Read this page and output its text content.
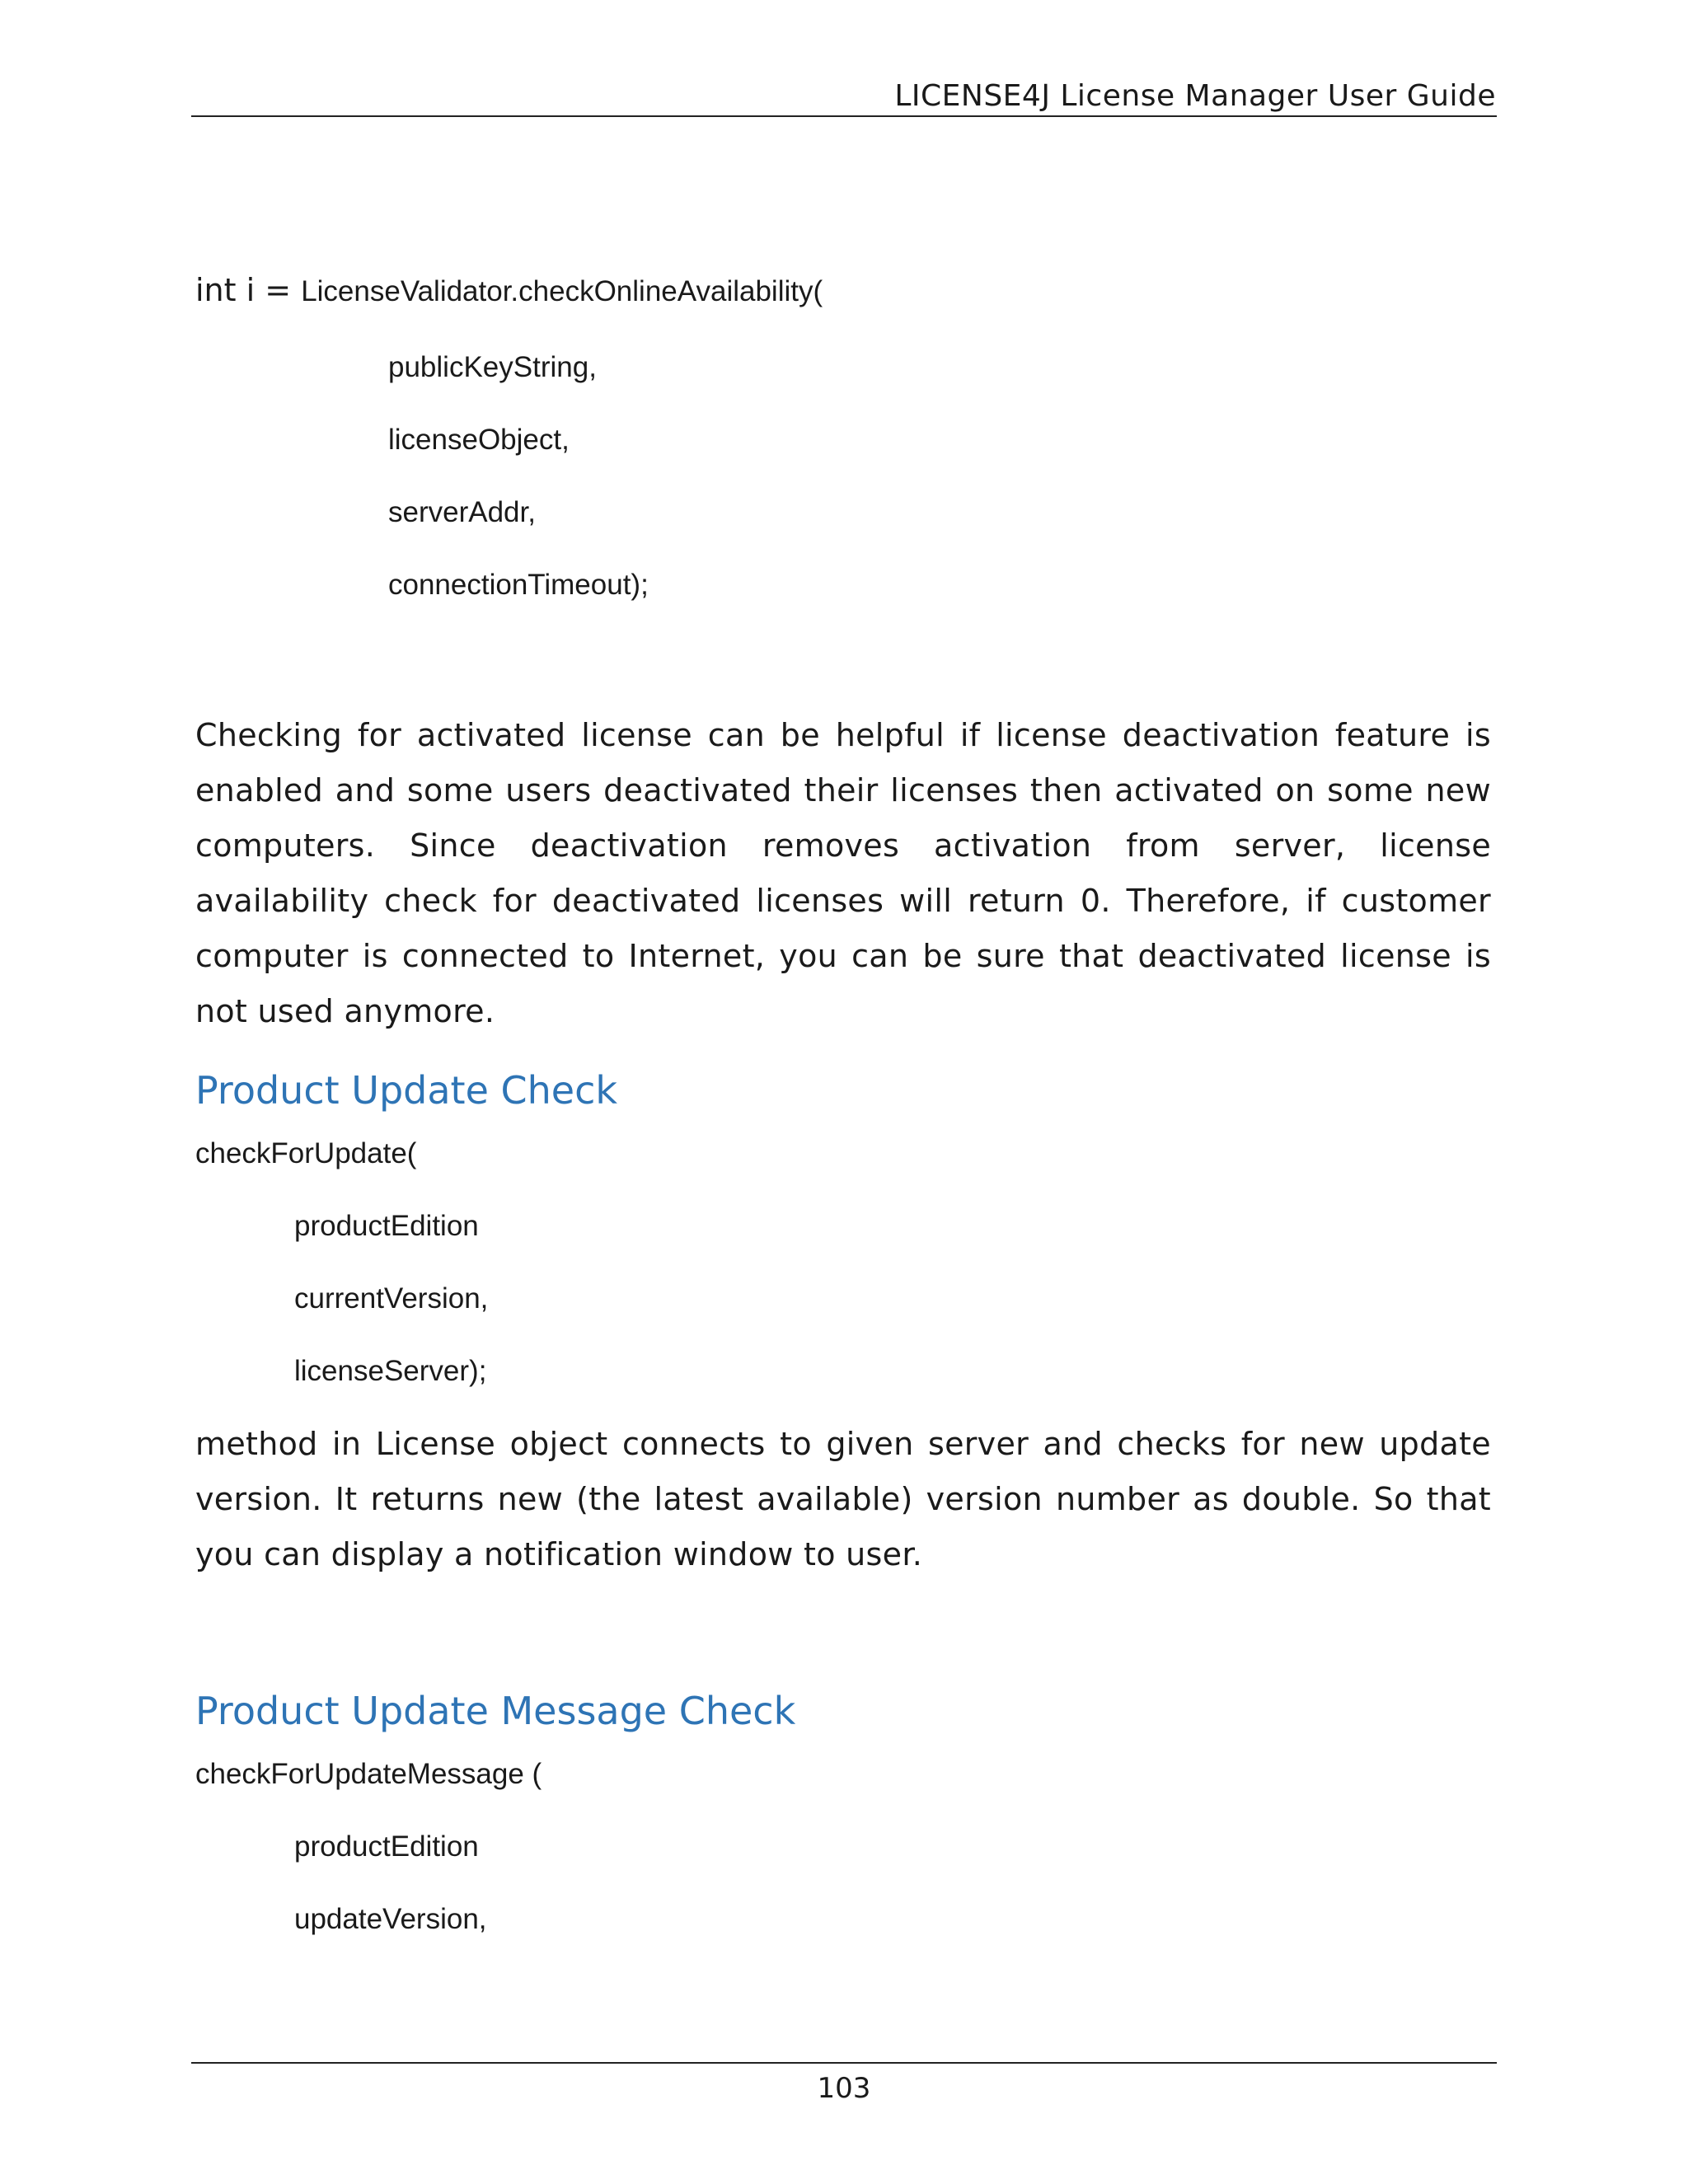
LICENSE4J License Manager User Guide
int i = LicenseValidator.checkOnlineAvailability(
publicKeyString,
licenseObject,
serverAddr,
connectionTimeout);
Checking for activated license can be helpful if license deactivation feature is enabled and some users deactivated their licenses then activated on some new computers. Since deactivation removes activation from server, license availability check for deactivated licenses will return 0. Therefore, if customer computer is connected to Internet, you can be sure that deactivated license is not used anymore.
Product Update Check
checkForUpdate(
productEdition
currentVersion,
licenseServer);
method in License object connects to given server and checks for new update version. It returns new (the latest available) version number as double. So that you can display a notification window to user.
Product Update Message Check
checkForUpdateMessage (
productEdition
updateVersion,
103
